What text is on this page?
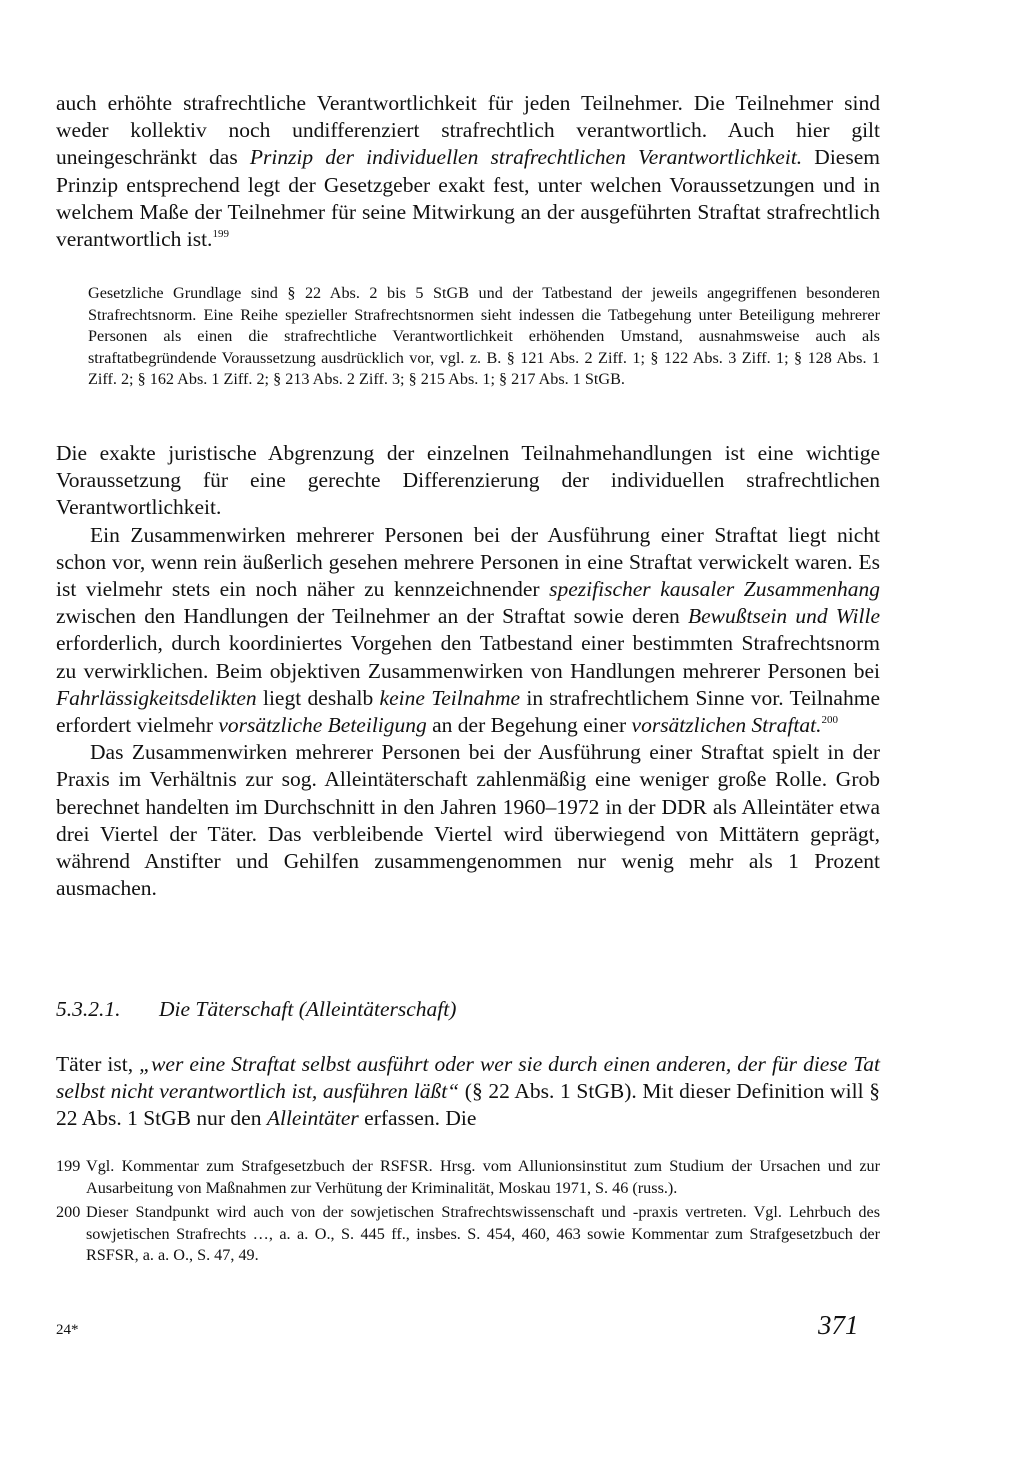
auch erhöhte strafrechtliche Verantwortlichkeit für jeden Teilnehmer. Die Teilnehmer sind weder kollektiv noch undifferenziert strafrechtlich verantwortlich. Auch hier gilt uneingeschränkt das Prinzip der individuellen strafrechtlichen Verantwortlichkeit. Diesem Prinzip entsprechend legt der Gesetzgeber exakt fest, unter welchen Voraussetzungen und in welchem Maße der Teilnehmer für seine Mitwirkung an der ausgeführten Straftat strafrechtlich verantwortlich ist.$^{199}$

Gesetzliche Grundlage sind § 22 Abs. 2 bis 5 StGB und der Tatbestand der jeweils angegriffenen besonderen Strafrechtsnorm. Eine Reihe spezieller Strafrechtsnormen sieht indessen die Tatbegehung unter Beteiligung mehrerer Personen als einen die strafrechtliche Verantwortlichkeit erhöhenden Umstand, ausnahmsweise auch als straftatbegründende Voraussetzung ausdrücklich vor, vgl. z. B. § 121 Abs. 2 Ziff. 1; § 122 Abs. 3 Ziff. 1; § 128 Abs. 1 Ziff. 2; § 162 Abs. 1 Ziff. 2; § 213 Abs. 2 Ziff. 3; § 215 Abs. 1; § 217 Abs. 1 StGB.

Die exakte juristische Abgrenzung der einzelnen Teilnahmehandlungen ist eine wichtige Voraussetzung für eine gerechte Differenzierung der individuellen strafrechtlichen Verantwortlichkeit.

Ein Zusammenwirken mehrerer Personen bei der Ausführung einer Straftat liegt nicht schon vor, wenn rein äußerlich gesehen mehrere Personen in eine Straftat verwickelt waren. Es ist vielmehr stets ein noch näher zu kennzeichnender spezifischer kausaler Zusammenhang zwischen den Handlungen der Teilnehmer an der Straftat sowie deren Bewußtsein und Wille erforderlich, durch koordiniertes Vorgehen den Tatbestand einer bestimmten Strafrechtsnorm zu verwirklichen. Beim objektiven Zusammenwirken von Handlungen mehrerer Personen bei Fahrlässigkeitsdelikten liegt deshalb keine Teilnahme in strafrechtlichem Sinne vor. Teilnahme erfordert vielmehr vorsätzliche Beteiligung an der Begehung einer vorsätzlichen Straftat.$^{200}$

Das Zusammenwirken mehrerer Personen bei der Ausführung einer Straftat spielt in der Praxis im Verhältnis zur sog. Alleintäterschaft zahlenmäßig eine weniger große Rolle. Grob berechnet handelten im Durchschnitt in den Jahren 1960–1972 in der DDR als Alleintäter etwa drei Viertel der Täter. Das verbleibende Viertel wird überwiegend von Mittätern geprägt, während Anstifter und Gehilfen zusammengenommen nur wenig mehr als 1 Prozent ausmachen.

5.3.2.1. Die Täterschaft (Alleintäterschaft)

Täter ist, „wer eine Straftat selbst ausführt oder wer sie durch einen anderen, der für diese Tat selbst nicht verantwortlich ist, ausführen läßt“ (§ 22 Abs. 1 StGB). Mit dieser Definition will § 22 Abs. 1 StGB nur den Alleintäter erfassen. Die

199 Vgl. Kommentar zum Strafgesetzbuch der RSFSR. Hrsg. vom Allunionsinstitut zum Studium der Ursachen und zur Ausarbeitung von Maßnahmen zur Verhütung der Kriminalität, Moskau 1971, S. 46 (russ.).

200 Dieser Standpunkt wird auch von der sowjetischen Strafrechtswissenschaft und -praxis vertreten. Vgl. Lehrbuch des sowjetischen Strafrechts …, a. a. O., S. 445 ff., insbes. S. 454, 460, 463 sowie Kommentar zum Strafgesetzbuch der RSFSR, a. a. O., S. 47, 49.

24*	371
